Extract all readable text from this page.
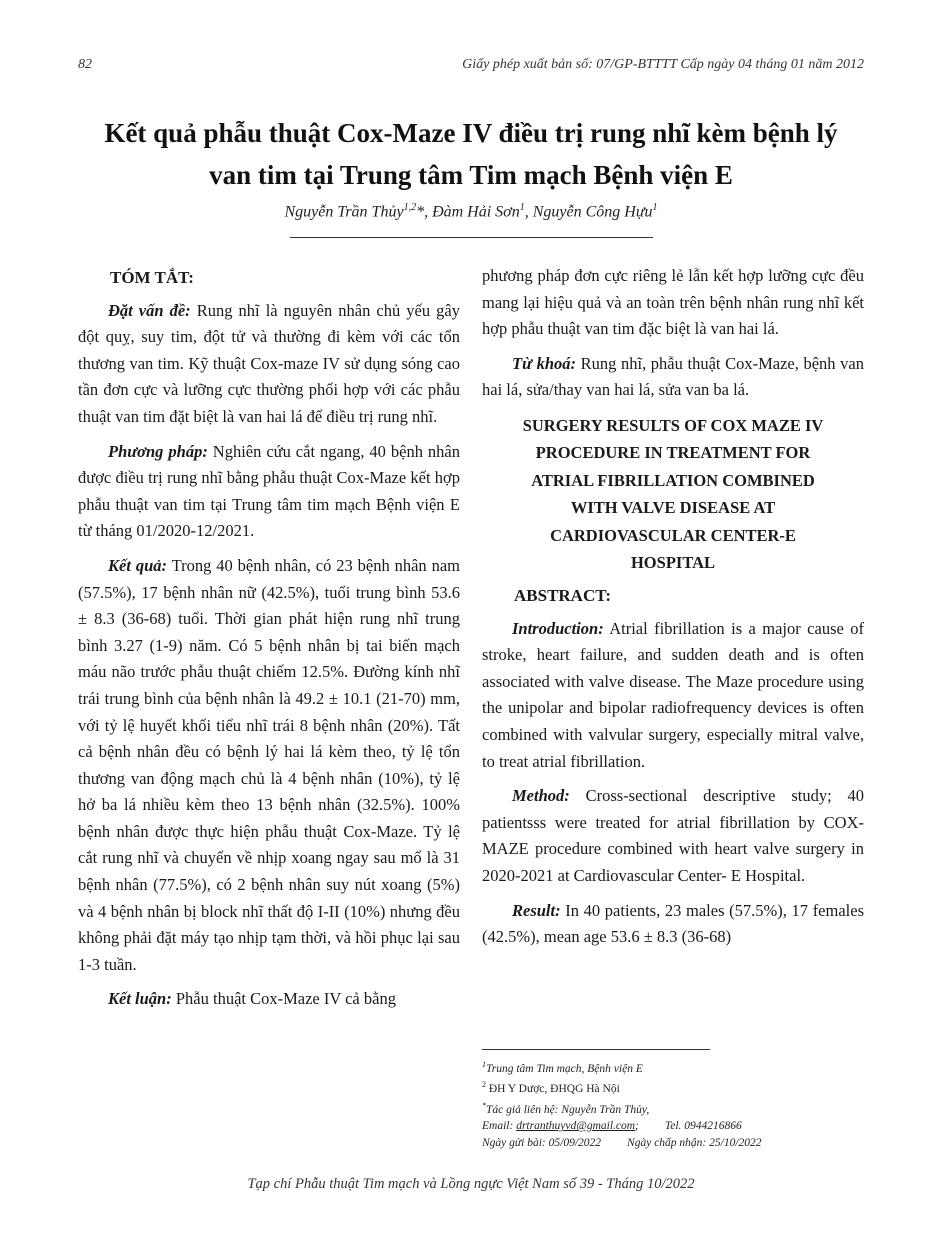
82	Giấy phép xuất bản số: 07/GP-BTTTT Cấp ngày 04 tháng 01 năm 2012
Kết quả phẫu thuật Cox-Maze IV điều trị rung nhĩ kèm bệnh lý
van tim tại Trung tâm Tim mạch Bệnh viện E
Nguyễn Trần Thủy$^{1,2}$*, Đàm Hải Sơn$^1$, Nguyễn Công Hựu$^1$

TÓM TẮT:

Đặt vấn đề: Rung nhĩ là nguyên nhân chủ yếu gây đột quỵ, suy tim, đột tử và thường đi kèm với các tổn thương van tim. Kỹ thuật Cox-maze IV sử dụng sóng cao tần đơn cực và lưỡng cực thường phối hợp với các phẫu thuật van tim đặt biệt là van hai lá để điều trị rung nhĩ.

Phương pháp: Nghiên cứu cắt ngang, 40 bệnh nhân được điều trị rung nhĩ bằng phẫu thuật Cox-Maze kết hợp phẫu thuật van tim tại Trung tâm tim mạch Bệnh viện E từ tháng 01/2020-12/2021.

Kết quả: Trong 40 bệnh nhân, có 23 bệnh nhân nam (57.5%), 17 bệnh nhân nữ (42.5%), tuổi trung bình 53.6 ± 8.3 (36-68) tuổi. Thời gian phát hiện rung nhĩ trung bình 3.27 (1-9) năm. Có 5 bệnh nhân bị tai biến mạch máu não trước phẫu thuật chiếm 12.5%. Đường kính nhĩ trái trung bình của bệnh nhân là 49.2 ± 10.1 (21-70) mm, với tỷ lệ huyết khối tiểu nhĩ trái 8 bệnh nhân (20%). Tất cả bệnh nhân đều có bệnh lý hai lá kèm theo, tỷ lệ tổn thương van động mạch chủ là 4 bệnh nhân (10%), tỷ lệ hở ba lá nhiều kèm theo 13 bệnh nhân (32.5%). 100% bệnh nhân được thực hiện phẫu thuật Cox-Maze. Tỷ lệ cắt rung nhĩ và chuyển về nhịp xoang ngay sau mổ là 31 bệnh nhân (77.5%), có 2 bệnh nhân suy nút xoang (5%) và 4 bệnh nhân bị block nhĩ thất độ I-II (10%) nhưng đều không phải đặt máy tạo nhịp tạm thời, và hồi phục lại sau 1-3 tuần.

Kết luận: Phẫu thuật Cox-Maze IV cả bằng

phương pháp đơn cực riêng lẻ lẫn kết hợp lưỡng cực đều mang lại hiệu quả và an toàn trên bệnh nhân rung nhĩ kết hợp phẫu thuật van tim đặc biệt là van hai lá.

Từ khoá: Rung nhĩ, phẫu thuật Cox-Maze, bệnh van hai lá, sửa/thay van hai lá, sửa van ba lá.

SURGERY RESULTS OF COX MAZE IV
PROCEDURE IN TREATMENT FOR
ATRIAL FIBRILLATION COMBINED
WITH VALVE DISEASE AT
CARDIOVASCULAR CENTER-E
HOSPITAL

ABSTRACT:

Introduction: Atrial fibrillation is a major cause of stroke, heart failure, and sudden death and is often associated with valve disease. The Maze procedure using the unipolar and bipolar radiofrequency devices is often combined with valvular surgery, especially mitral valve, to treat atrial fibrillation.

Method: Cross-sectional descriptive study; 40 patientsss were treated for atrial fibrillation by COX-MAZE procedure combined with heart valve surgery in 2020-2021 at Cardiovascular Center- E Hospital.

Result: In 40 patients, 23 males (57.5%), 17 females (42.5%), mean age 53.6 ± 8.3 (36-68)

$^1$Trung tâm Tim mạch, Bệnh viện E
$^2$ ĐH Y Dược, ĐHQG Hà Nội
*Tác giả liên hệ: Nguyễn Trần Thủy,
Email: drtranthuyvd@gmail.com; Tel. 0944216866
Ngày gửi bài: 05/09/2022 Ngày chấp nhận: 25/10/2022
Tạp chí Phẫu thuật Tim mạch và Lồng ngực Việt Nam số 39 - Tháng 10/2022
